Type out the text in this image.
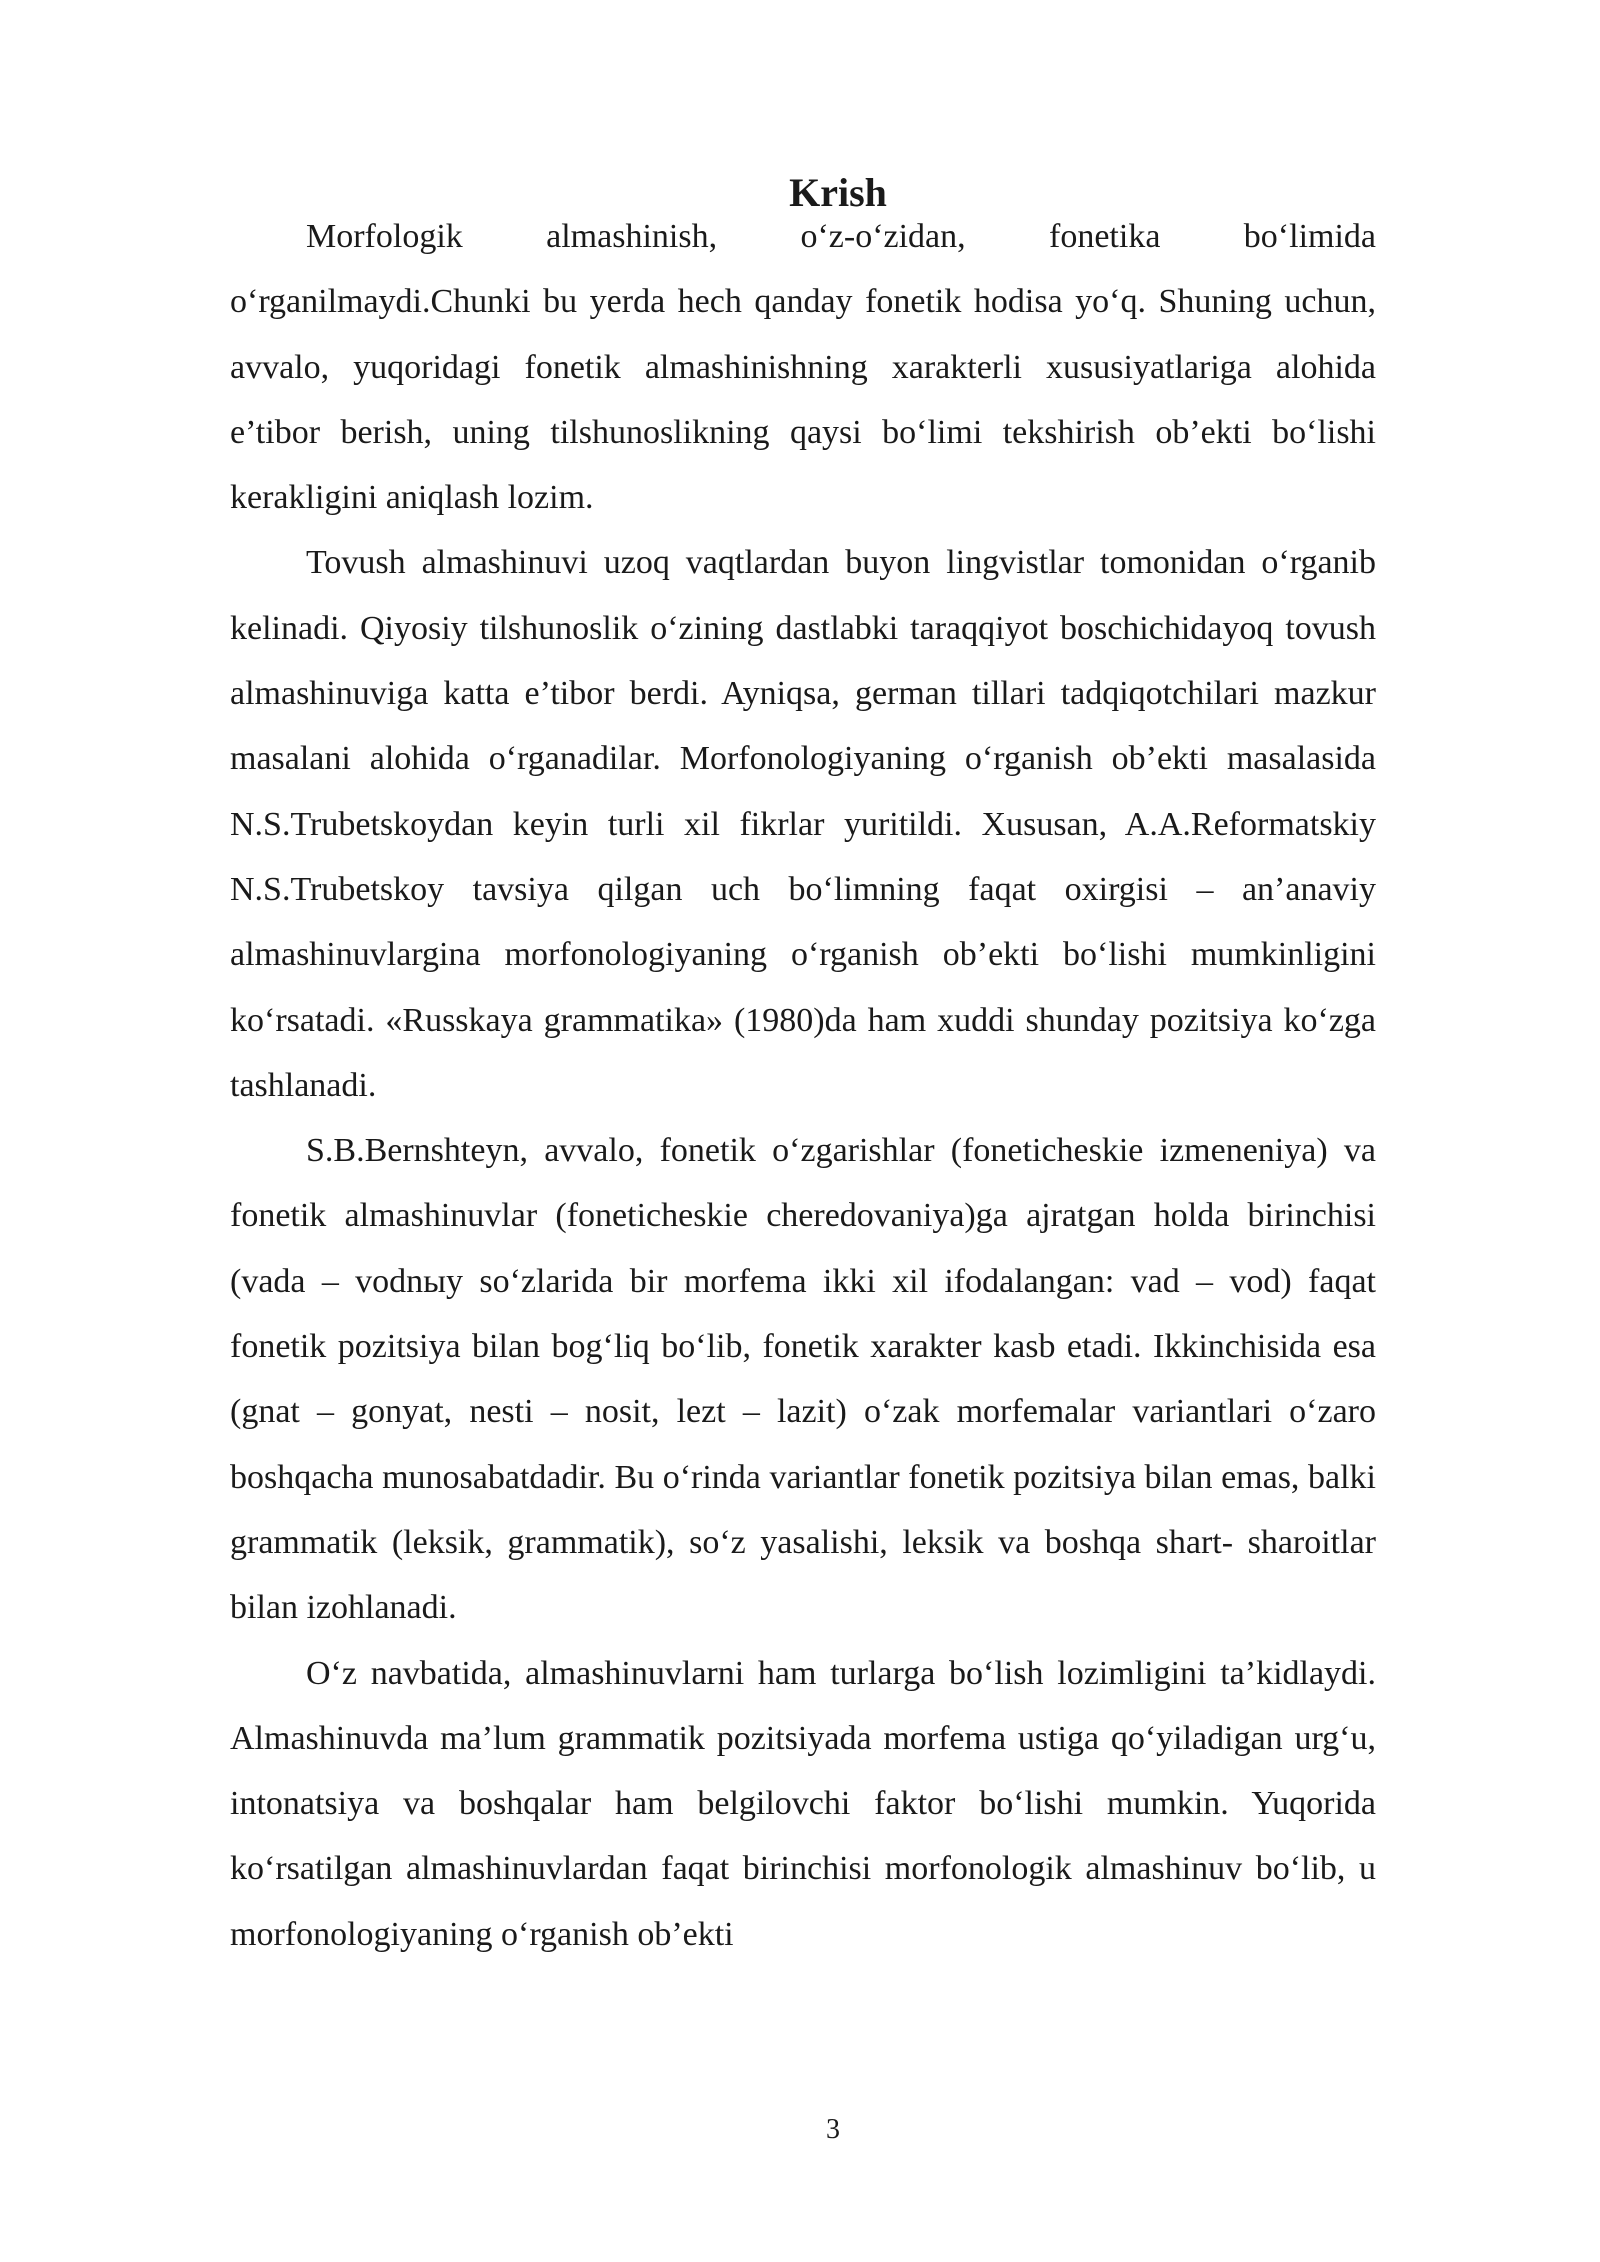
Krish

Morfologik almashinish, o‘z-o‘zidan, fonetika bo‘limida o‘rganilmaydi.Chunki bu yerda hech qanday fonetik hodisa yo‘q. Shuning uchun, avvalo, yuqoridagi fonetik almashinishning xarakterli xususiyatlariga alohida e’tibor berish, uning tilshunoslikning qaysi bo‘limi tekshirish ob’ekti bo‘lishi kerakligini aniqlash lozim.

Tovush almashinuvi uzoq vaqtlardan buyon lingvistlar tomonidan o‘rganib kelinadi. Qiyosiy tilshunoslik o‘zining dastlabki taraqqiyot boschichidayoq tovush almashinuviga katta e’tibor berdi. Ayniqsa, german tillari tadqiqotchilari mazkur masalani alohida o‘rganadilar. Morfonologiyaning o‘rganish ob’ekti masalasida N.S.Trubetskoydan keyin turli xil fikrlar yuritildi. Xususan, A.A.Reformatskiy N.S.Trubetskoy tavsiya qilgan uch bo‘limning faqat oxirgisi – an’anaviy almashinuvlargina morfonologiyaning o‘rganish ob’ekti bo‘lishi mumkinligini ko‘rsatadi. «Russkaya grammatika» (1980)da ham xuddi shunday pozitsiya ko‘zga tashlanadi.

S.B.Bernshteyn, avvalo, fonetik o‘zgarishlar (foneticheskie izmeneniya) va fonetik almashinuvlar (foneticheskie cheredovaniya)ga ajratgan holda birinchisi (vada – vodnыy so‘zlarida bir morfema ikki xil ifodalangan: vad – vod) faqat fonetik pozitsiya bilan bog‘liq bo‘lib, fonetik xarakter kasb etadi. Ikkinchisida esa (gnat – gonyat, nesti – nosit, lezt – lazit) o‘zak morfemalar variantlari o‘zaro boshqacha munosabatdadir. Bu o‘rinda variantlar fonetik pozitsiya bilan emas, balki grammatik (leksik, grammatik), so‘z yasalishi, leksik va boshqa shart- sharoitlar bilan izohlanadi.

O‘z navbatida, almashinuvlarni ham turlarga bo‘lish lozimligini ta’kidlaydi. Almashinuvda ma’lum grammatik pozitsiyada morfema ustiga qo‘yiladigan urg‘u, intonatsiya va boshqalar ham belgilovchi faktor bo‘lishi mumkin. Yuqorida ko‘rsatilgan almashinuvlardan faqat birinchisi morfonologik almashinuv bo‘lib, u morfonologiyaning o‘rganish ob’ekti

3
